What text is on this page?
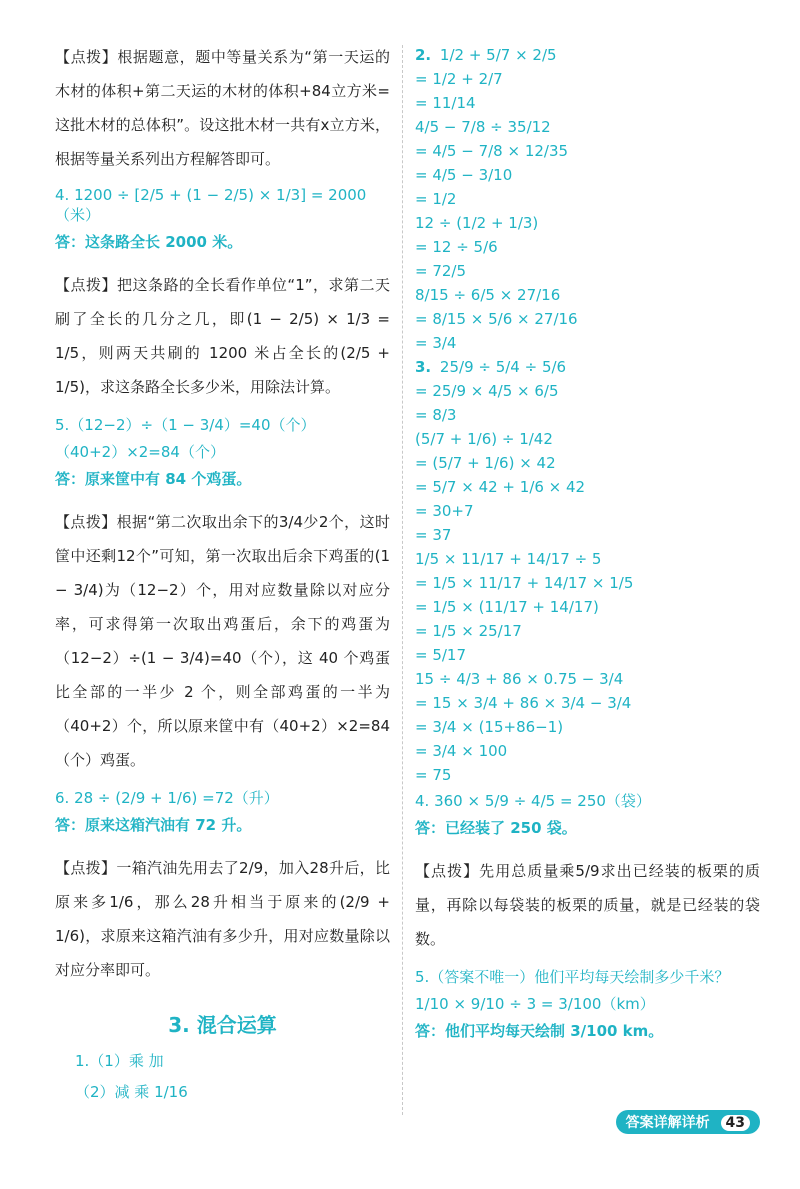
【点拨】根据题意，题中等量关系为“第一天运的木材的体积+第二天运的木材的体积+84立方米=这批木材的总体积”。设这批木材一共有x立方米，根据等量关系列出方程解答即可。

4. 1200 ÷ [2/5 + (1 − 2/5) × 1/3] = 2000（米）
答：这条路全长 2000 米。

【点拨】把这条路的全长看作单位“1”，求第二天刷了全长的几分之几，即(1 − 2/5) × 1/3 = 1/5，则两天共刷的 1200 米占全长的(2/5 + 1/5)，求这条路全长多少米，用除法计算。

5.（12−2）÷（1 − 3/4）=40（个）
（40+2）×2=84（个）
答：原来筐中有 84 个鸡蛋。

【点拨】根据“第二次取出余下的3/4少2个，这时筐中还剩12个”可知，第一次取出后余下鸡蛋的(1 − 3/4)为（12−2）个，用对应数量除以对应分率，可求得第一次取出鸡蛋后，余下的鸡蛋为（12−2）÷(1 − 3/4)=40（个），这 40 个鸡蛋比全部的一半少 2 个，则全部鸡蛋的一半为（40+2）个，所以原来筐中有（40+2）×2=84（个）鸡蛋。

6. 28 ÷ (2/9 + 1/6) =72（升）
答：原来这箱汽油有 72 升。

【点拨】一箱汽油先用去了2/9，加入28升后，比原来多1/6，那么28升相当于原来的(2/9 + 1/6)，求原来这箱汽油有多少升，用对应数量除以对应分率即可。

3. 混合运算
1.（1）乘 加
（2）减 乘 1/16
2. 1/2 + 5/7 × 2/5
= 1/2 + 2/7
= 11/14
4/5 − 7/8 ÷ 35/12
= 4/5 − 7/8 × 12/35
= 4/5 − 3/10
= 1/2
12 ÷ (1/2 + 1/3)
= 12 ÷ 5/6
= 72/5
8/15 ÷ 6/5 × 27/16
= 8/15 × 5/6 × 27/16
= 3/4
3. 25/9 ÷ 5/4 ÷ 5/6
= 25/9 × 4/5 × 6/5
= 8/3
(5/7 + 1/6) ÷ 1/42
= (5/7 + 1/6) × 42
= 5/7 × 42 + 1/6 × 42
= 30+7
= 37
1/5 × 11/17 + 14/17 ÷ 5
= 1/5 × 11/17 + 14/17 × 1/5
= 1/5 × (11/17 + 14/17)
= 1/5 × 25/17
= 5/17
15 ÷ 4/3 + 86 × 0.75 − 3/4
= 15 × 3/4 + 86 × 3/4 − 3/4
= 3/4 × (15+86−1)
= 3/4 × 100
= 75
4. 360 × 5/9 ÷ 4/5 = 250（袋）
答：已经装了 250 袋。

【点拨】先用总质量乘5/9求出已经装的板栗的质量，再除以每袋装的板栗的质量，就是已经装的袋数。

5.（答案不唯一）他们平均每天绘制多少千米？
1/10 × 9/10 ÷ 3 = 3/100（km）
答：他们平均每天绘制 3/100 km。
答案详解详析 43
